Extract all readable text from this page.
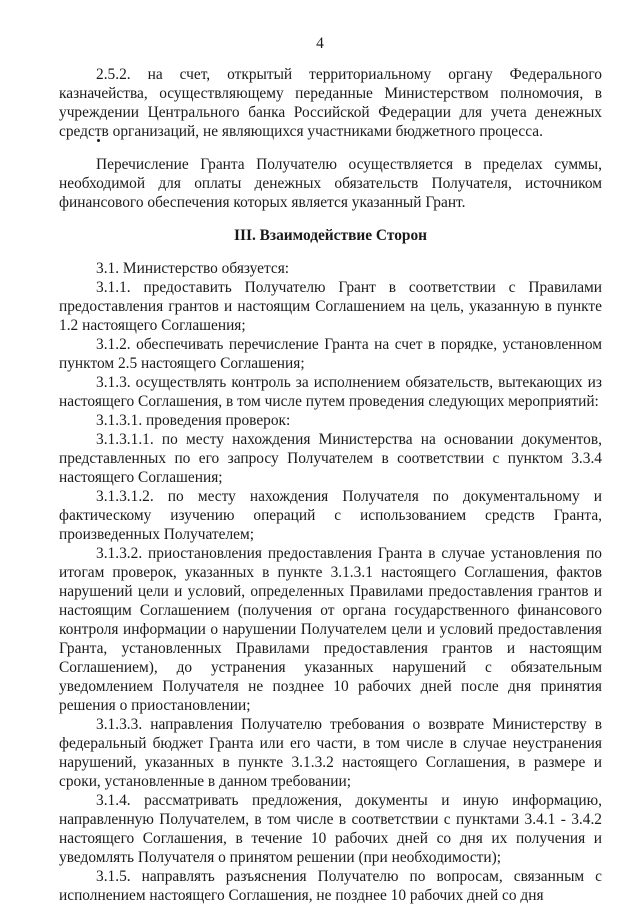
4

2.5.2. на счет, открытый территориальному органу Федерального казначейства, осуществляющему переданные Министерством полномочия, в учреждении Центрального банка Российской Федерации для учета денежных средств организаций, не являющихся участниками бюджетного процесса.

Перечисление Гранта Получателю осуществляется в пределах суммы, необходимой для оплаты денежных обязательств Получателя, источником финансового обеспечения которых является указанный Грант.

III. Взаимодействие Сторон

3.1. Министерство обязуется:

3.1.1. предоставить Получателю Грант в соответствии с Правилами предоставления грантов и настоящим Соглашением на цель, указанную в пункте 1.2 настоящего Соглашения;

3.1.2. обеспечивать перечисление Гранта на счет в порядке, установленном пунктом 2.5 настоящего Соглашения;

3.1.3. осуществлять контроль за исполнением обязательств, вытекающих из настоящего Соглашения, в том числе путем проведения следующих мероприятий:

3.1.3.1. проведения проверок:

3.1.3.1.1. по месту нахождения Министерства на основании документов, представленных по его запросу Получателем в соответствии с пунктом 3.3.4 настоящего Соглашения;

3.1.3.1.2. по месту нахождения Получателя по документальному и фактическому изучению операций с использованием средств Гранта, произведенных Получателем;

3.1.3.2. приостановления предоставления Гранта в случае установления по итогам проверок, указанных в пункте 3.1.3.1 настоящего Соглашения, фактов нарушений цели и условий, определенных Правилами предоставления грантов и настоящим Соглашением (получения от органа государственного финансового контроля информации о нарушении Получателем цели и условий предоставления Гранта, установленных Правилами предоставления грантов и настоящим Соглашением), до устранения указанных нарушений с обязательным уведомлением Получателя не позднее 10 рабочих дней после дня принятия решения о приостановлении;

3.1.3.3. направления Получателю требования о возврате Министерству в федеральный бюджет Гранта или его части, в том числе в случае неустранения нарушений, указанных в пункте 3.1.3.2 настоящего Соглашения, в размере и сроки, установленные в данном требовании;

3.1.4. рассматривать предложения, документы и иную информацию, направленную Получателем, в том числе в соответствии с пунктами 3.4.1 - 3.4.2 настоящего Соглашения, в течение 10 рабочих дней со дня их получения и уведомлять Получателя о принятом решении (при необходимости);

3.1.5. направлять разъяснения Получателю по вопросам, связанным с исполнением настоящего Соглашения, не позднее 10 рабочих дней со дня
